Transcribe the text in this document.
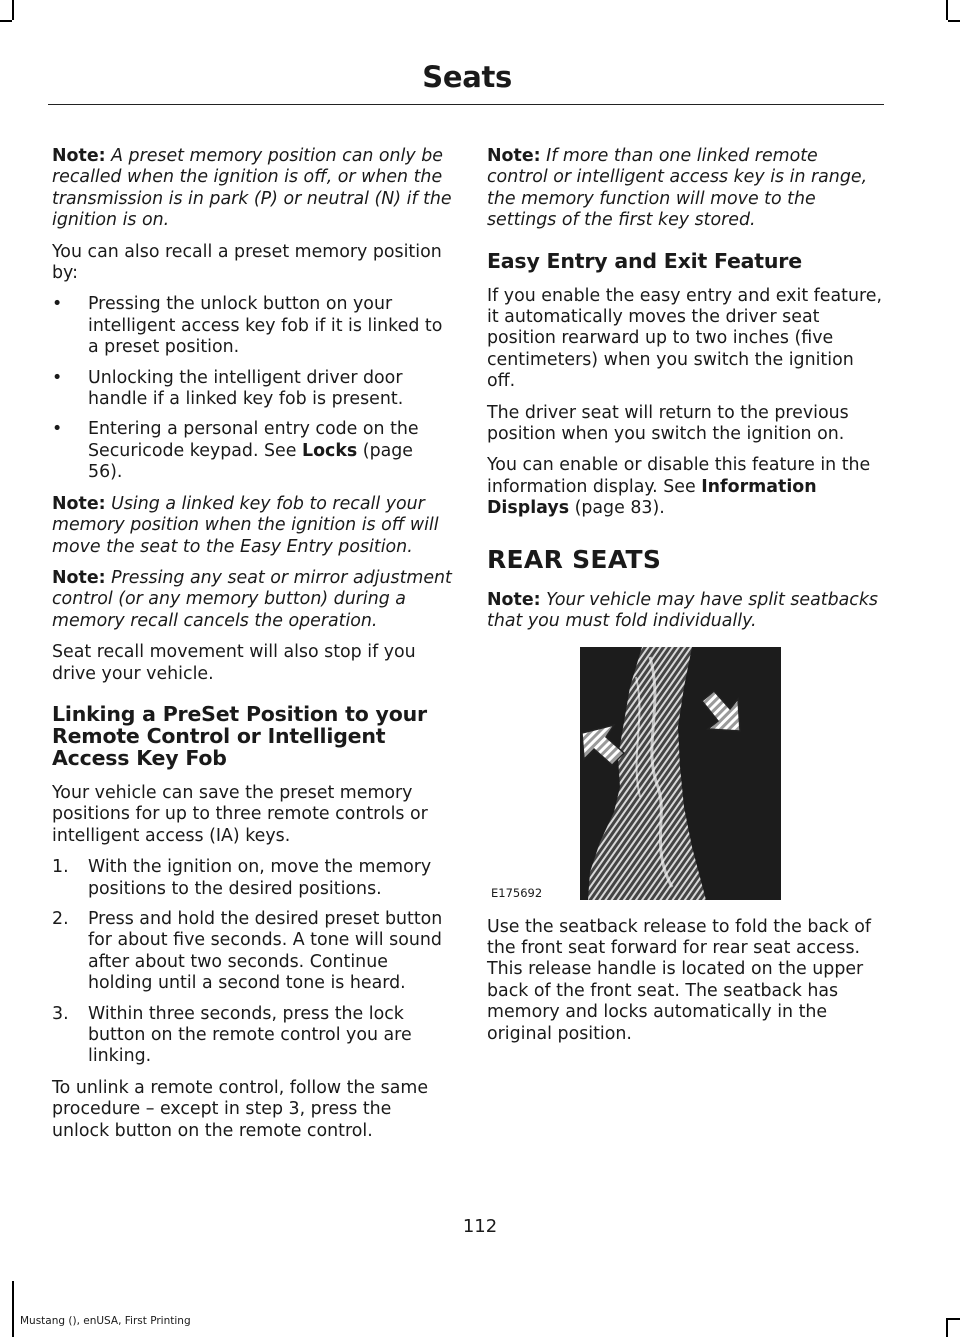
Seats

Note: A preset memory position can only be recalled when the ignition is off, or when the transmission is in park (P) or neutral (N) if the ignition is on.

You can also recall a preset memory position by:

• Pressing the unlock button on your intelligent access key fob if it is linked to a preset position.
• Unlocking the intelligent driver door handle if a linked key fob is present.
• Entering a personal entry code on the Securicode keypad. See Locks (page 56).

Note: Using a linked key fob to recall your memory position when the ignition is off will move the seat to the Easy Entry position.

Note: Pressing any seat or mirror adjustment control (or any memory button) during a memory recall cancels the operation.

Seat recall movement will also stop if you drive your vehicle.

Linking a PreSet Position to your Remote Control or Intelligent Access Key Fob

Your vehicle can save the preset memory positions for up to three remote controls or intelligent access (IA) keys.

1. With the ignition on, move the memory positions to the desired positions.
2. Press and hold the desired preset button for about five seconds. A tone will sound after about two seconds. Continue holding until a second tone is heard.
3. Within three seconds, press the lock button on the remote control you are linking.

To unlink a remote control, follow the same procedure – except in step 3, press the unlock button on the remote control.

Note: If more than one linked remote control or intelligent access key is in range, the memory function will move to the settings of the first key stored.

Easy Entry and Exit Feature

If you enable the easy entry and exit feature, it automatically moves the driver seat position rearward up to two inches (five centimeters) when you switch the ignition off.

The driver seat will return to the previous position when you switch the ignition on.

You can enable or disable this feature in the information display. See Information Displays (page 83).

REAR SEATS

Note: Your vehicle may have split seatbacks that you must fold individually.

E175692

Use the seatback release to fold the back of the front seat forward for rear seat access. This release handle is located on the upper back of the front seat. The seatback has memory and locks automatically in the original position.

112
Mustang (), enUSA, First Printing
